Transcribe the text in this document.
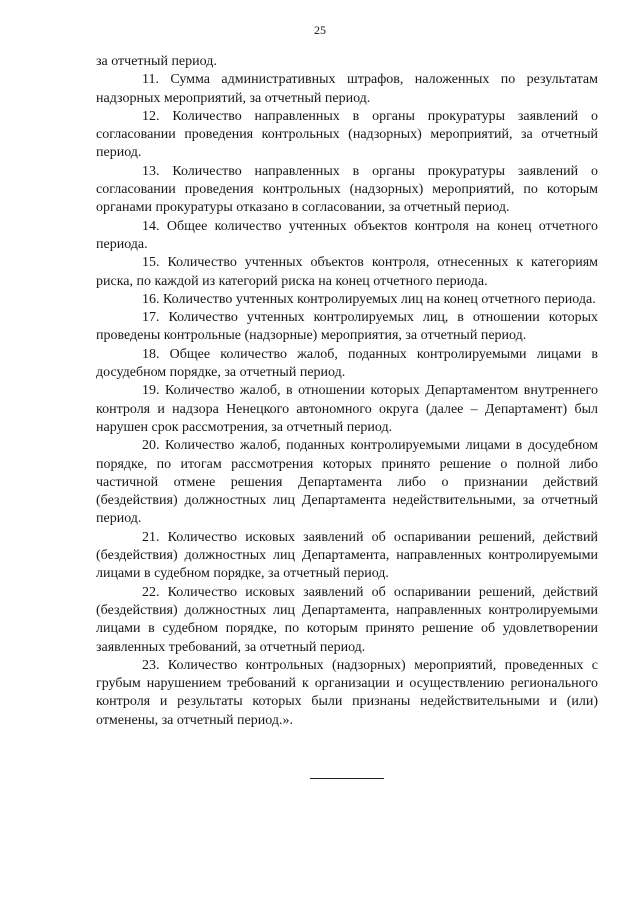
25

за отчетный период.

11. Сумма административных штрафов, наложенных по результатам надзорных мероприятий, за отчетный период.

12. Количество направленных в органы прокуратуры заявлений о согласовании проведения контрольных (надзорных) мероприятий, за отчетный период.

13. Количество направленных в органы прокуратуры заявлений о согласовании проведения контрольных (надзорных) мероприятий, по которым органами прокуратуры отказано в согласовании, за отчетный период.

14. Общее количество учтенных объектов контроля на конец отчетного периода.

15. Количество учтенных объектов контроля, отнесенных к категориям риска, по каждой из категорий риска на конец отчетного периода.

16. Количество учтенных контролируемых лиц на конец отчетного периода.

17. Количество учтенных контролируемых лиц, в отношении которых проведены контрольные (надзорные) мероприятия, за отчетный период.

18. Общее количество жалоб, поданных контролируемыми лицами в досудебном порядке, за отчетный период.

19. Количество жалоб, в отношении которых Департаментом внутреннего контроля и надзора Ненецкого автономного округа (далее – Департамент) был нарушен срок рассмотрения, за отчетный период.

20. Количество жалоб, поданных контролируемыми лицами в досудебном порядке, по итогам рассмотрения которых принято решение о полной либо частичной отмене решения Департамента либо о признании действий (бездействия) должностных лиц Департамента недействительными, за отчетный период.

21. Количество исковых заявлений об оспаривании решений, действий (бездействия) должностных лиц Департамента, направленных контролируемыми лицами в судебном порядке, за отчетный период.

22. Количество исковых заявлений об оспаривании решений, действий (бездействия) должностных лиц Департамента, направленных контролируемыми лицами в судебном порядке, по которым принято решение об удовлетворении заявленных требований, за отчетный период.

23. Количество контрольных (надзорных) мероприятий, проведенных с грубым нарушением требований к организации и осуществлению регионального контроля и результаты которых были признаны недействительными и (или) отменены, за отчетный период.».
